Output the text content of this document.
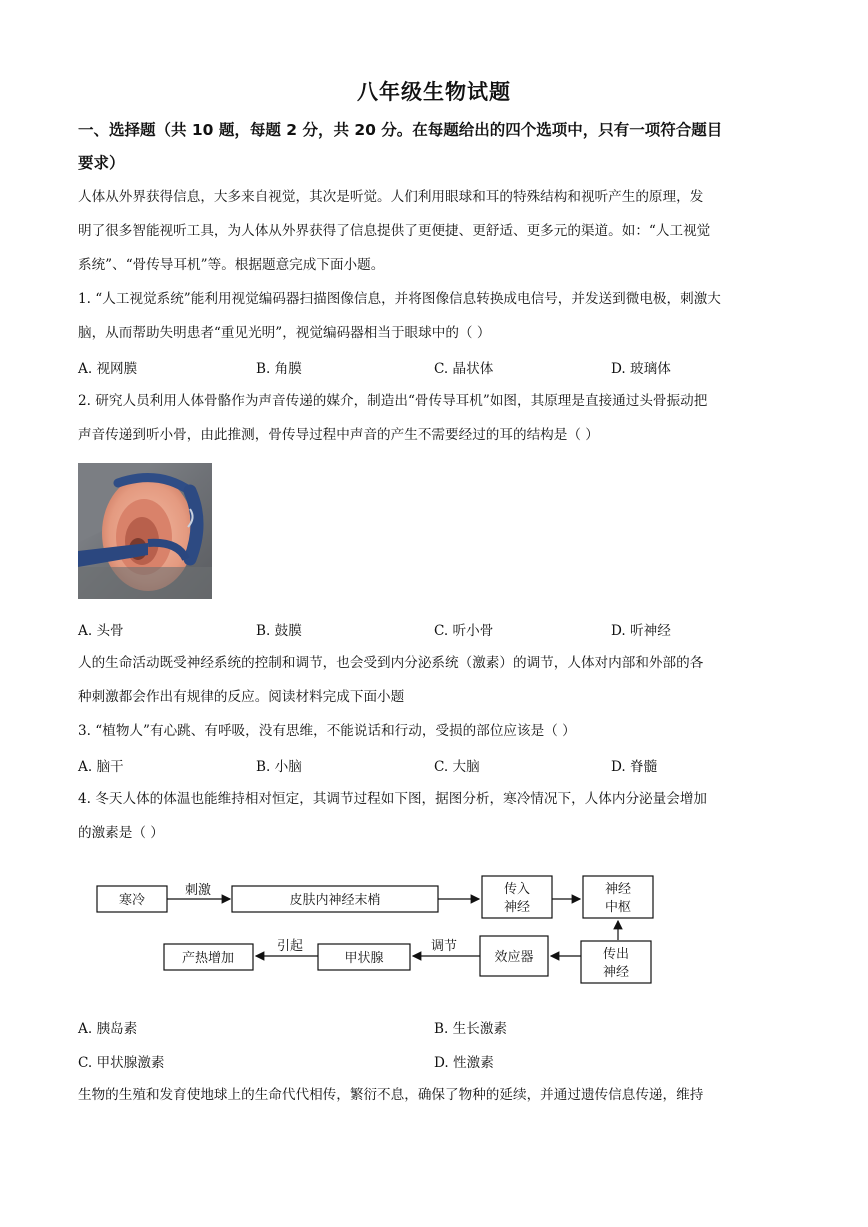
八年级生物试题
一、选择题（共 10 题，每题 2 分，共 20 分。在每题给出的四个选项中，只有一项符合题目
要求）
人体从外界获得信息，大多来自视觉，其次是听觉。人们利用眼球和耳的特殊结构和视听产生的原理，发
明了很多智能视听工具，为人体从外界获得了信息提供了更便捷、更舒适、更多元的渠道。如：“人工视觉
系统”、“骨传导耳机”等。根据题意完成下面小题。
1. “人工视觉系统”能利用视觉编码器扫描图像信息，并将图像信息转换成电信号，并发送到微电极，刺激大
脑，从而帮助失明患者“重见光明”，视觉编码器相当于眼球中的（ ）
A. 视网膜	B. 角膜	C. 晶状体	D. 玻璃体
2. 研究人员利用人体骨骼作为声音传递的媒介，制造出“骨传导耳机”如图，其原理是直接通过头骨振动把
声音传递到听小骨，由此推测，骨传导过程中声音的产生不需要经过的耳的结构是（ ）
A. 头骨	B. 鼓膜	C. 听小骨	D. 听神经
人的生命活动既受神经系统的控制和调节，也会受到内分泌系统（激素）的调节，人体对内部和外部的各
种刺激都会作出有规律的反应。阅读材料完成下面小题
3. “植物人”有心跳、有呼吸，没有思维，不能说话和行动，受损的部位应该是（ ）
A. 脑干	B. 小脑	C. 大脑	D. 脊髓
4. 冬天人体的体温也能维持相对恒定，其调节过程如下图，据图分析，寒冷情况下，人体内分泌量会增加
的激素是（ ）
寒冷
刺激
皮肤内神经末梢
传入
神经
神经
中枢
传出
神经
效应器
调节
甲状腺
引起
产热增加
A. 胰岛素	B. 生长激素
C. 甲状腺激素	D. 性激素
生物的生殖和发育使地球上的生命代代相传，繁衍不息，确保了物种的延续，并通过遗传信息传递，维持
